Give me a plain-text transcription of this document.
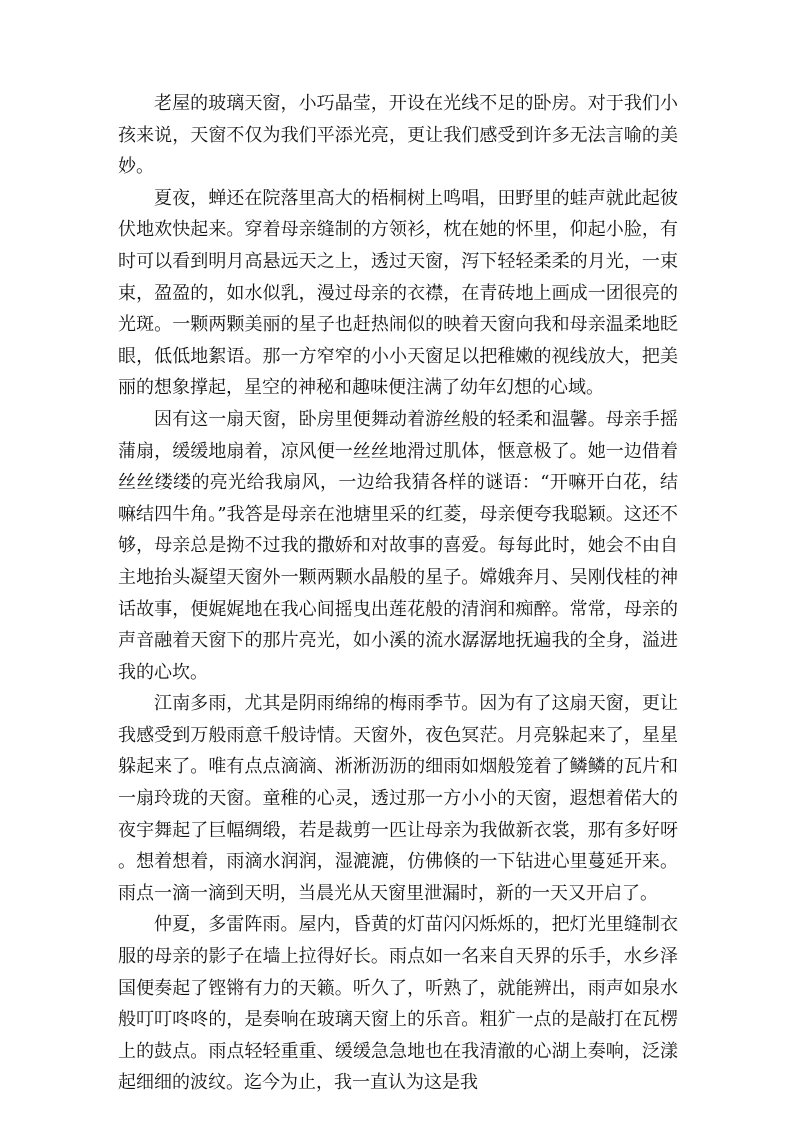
老屋的玻璃天窗，小巧晶莹，开设在光线不足的卧房。对于我们小孩来说，天窗不仅为我们平添光亮，更让我们感受到许多无法言喻的美妙。

夏夜，蝉还在院落里高大的梧桐树上鸣唱，田野里的蛙声就此起彼伏地欢快起来。穿着母亲缝制的方领衫，枕在她的怀里，仰起小脸，有时可以看到明月高悬远天之上，透过天窗，泻下轻轻柔柔的月光，一束束，盈盈的，如水似乳，漫过母亲的衣襟，在青砖地上画成一团很亮的光斑。一颗两颗美丽的星子也赶热闹似的映着天窗向我和母亲温柔地眨眼，低低地絮语。那一方窄窄的小小天窗足以把稚嫩的视线放大，把美丽的想象撑起，星空的神秘和趣味便注满了幼年幻想的心域。

因有这一扇天窗，卧房里便舞动着游丝般的轻柔和温馨。母亲手摇蒲扇，缓缓地扇着，凉风便一丝丝地滑过肌体，惬意极了。她一边借着丝丝缕缕的亮光给我扇风，一边给我猜各样的谜语：“开嘛开白花，结嘛结四牛角。”我答是母亲在池塘里采的红菱，母亲便夸我聪颖。这还不够，母亲总是拗不过我的撒娇和对故事的喜爱。每每此时，她会不由自主地抬头凝望天窗外一颗两颗水晶般的星子。嫦娥奔月、吴刚伐桂的神话故事，便娓娓地在我心间摇曳出莲花般的清润和痴醉。常常，母亲的声音融着天窗下的那片亮光，如小溪的流水潺潺地抚遍我的全身，溢进我的心坎。

江南多雨，尤其是阴雨绵绵的梅雨季节。因为有了这扇天窗，更让我感受到万般雨意千般诗情。天窗外，夜色冥茫。月亮躲起来了，星星躲起来了。唯有点点滴滴、淅淅沥沥的细雨如烟般笼着了鳞鳞的瓦片和一扇玲珑的天窗。童稚的心灵，透过那一方小小的天窗，遐想着偌大的夜宇舞起了巨幅绸缎，若是裁剪一匹让母亲为我做新衣裳，那有多好呀。想着想着，雨滴水润润，湿漉漉，仿佛倏的一下钻进心里蔓延开来。雨点一滴一滴到天明，当晨光从天窗里泄漏时，新的一天又开启了。

仲夏，多雷阵雨。屋内，昏黄的灯苗闪闪烁烁的，把灯光里缝制衣服的母亲的影子在墙上拉得好长。雨点如一名来自天界的乐手，水乡泽国便奏起了铿锵有力的天籁。听久了，听熟了，就能辨出，雨声如泉水般叮叮咚咚的，是奏响在玻璃天窗上的乐音。粗犷一点的是敲打在瓦楞上的鼓点。雨点轻轻重重、缓缓急急地也在我清澈的心湖上奏响，泛漾起细细的波纹。迄今为止，我一直认为这是我
